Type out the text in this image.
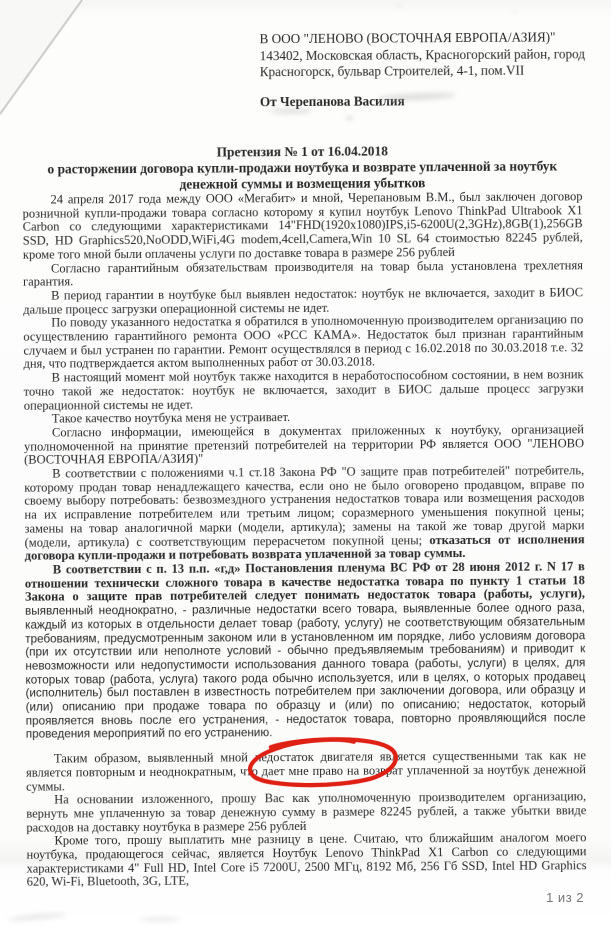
В ООО "ЛЕНОВО (ВОСТОЧНАЯ ЕВРОПА/АЗИЯ)"
143402, Московская область, Красногорский район, город Красногорск, бульвар Строителей, 4-1, пом.VII
От Черепанова Василия
Претензия № 1 от 16.04.2018
о расторжении договора купли-продажи ноутбука и возврате уплаченной за ноутбук денежной суммы и возмещения убытков

24 апреля 2017 года между ООО «Мегабит» и мной, Черепановым В.М., был заключен договор розничной купли-продажи товара согласно которому я купил ноутбук Lenovo ThinkPad Ultrabook X1 Carbon со следующими характеристиками 14"FHD(1920x1080)IPS,i5-6200U(2,3GHz),8GB(1),256GB SSD, HD Graphics520,NoODD,WiFi,4G modem,4cell,Camera,Win 10 SL 64 стоимостью 82245 рублей, кроме того мной были оплачены услуги по доставке товара в размере 256 рублей

Согласно гарантийным обязательствам производителя на товар была установлена трехлетняя гарантия.

В период гарантии в ноутбуке был выявлен недостаток: ноутбук не включается, заходит в БИОС дальше процесс загрузки операционной системы не идет.

По поводу указанного недостатка я обратился в уполномоченную производителем организацию по осуществлению гарантийного ремонта ООО «РСС КАМА». Недостаток был признан гарантийным случаем и был устранен по гарантии. Ремонт осуществлялся в период с 16.02.2018 по 30.03.2018 т.е. 32 дня, что подтверждается актом выполненных работ от 30.03.2018.

В настоящий момент мой ноутбук также находится в неработоспособном состоянии, в нем возник точно такой же недостаток: ноутбук не включается, заходит в БИОС дальше процесс загрузки операционной системы не идет.

Такое качество ноутбука меня не устраивает.

Согласно информации, имеющейся в документах приложенных к ноутбуку, организацией уполномоченной на принятие претензий потребителей на территории РФ является ООО "ЛЕНОВО (ВОСТОЧНАЯ ЕВРОПА/АЗИЯ)"

В соответствии с положениями ч.1 ст.18 Закона РФ "О защите прав потребителей" потребитель, которому продан товар ненадлежащего качества, если оно не было оговорено продавцом, вправе по своему выбору потребовать: безвозмездного устранения недостатков товара или возмещения расходов на их исправление потребителем или третьим лицом; соразмерного уменьшения покупной цены; замены на товар аналогичной марки (модели, артикула); замены на такой же товар другой марки (модели, артикула) с соответствующим перерасчетом покупной цены; отказаться от исполнения договора купли-продажи и потребовать возврата уплаченной за товар суммы.

В соответствии с п. 13 п.п. «г,д» Постановления пленума ВС РФ от 28 июня 2012 г. N 17 в отношении технически сложного товара в качестве недостатка товара по пункту 1 статьи 18 Закона о защите прав потребителей следует понимать недостаток товара (работы, услуги), выявленный неоднократно, - различные недостатки всего товара, выявленные более одного раза, каждый из которых в отдельности делает товар (работу, услугу) не соответствующим обязательным требованиям, предусмотренным законом или в установленном им порядке, либо условиям договора (при их отсутствии или неполноте условий - обычно предъявляемым требованиям) и приводит к невозможности или недопустимости использования данного товара (работы, услуги) в целях, для которых товар (работа, услуга) такого рода обычно используется, или в целях, о которых продавец (исполнитель) был поставлен в известность потребителем при заключении договора, или образцу и (или) описанию при продаже товара по образцу и (или) по описанию; недостаток, который проявляется вновь после его устранения, - недостаток товара, повторно проявляющийся после проведения мероприятий по его устранению.

Таким образом, выявленный мной
недостаток двигателя является существенными так как не является повторным и неоднократным, что дает мне право на возврат уплаченной за ноутбук денежной суммы.

На основании изложенного, прошу Вас как уполномоченную производителем организацию, вернуть мне уплаченную за товар денежную сумму в размере 82245 рублей, а также убытки ввиде расходов на доставку ноутбука в размере 256 рублей

Кроме того, прошу выплатить мне разницу в цене. Считаю, что ближайшим аналогом моего ноутбука, продающегося сейчас, является Ноутбук Lenovo ThinkPad X1 Carbon со следующими характеристиками 4" Full HD, Intel Core i5 7200U, 2500 МГц, 8192 Мб, 256 Гб SSD, Intel HD Graphics 620, Wi-Fi, Bluetooth, 3G, LTE,

1 из 2
